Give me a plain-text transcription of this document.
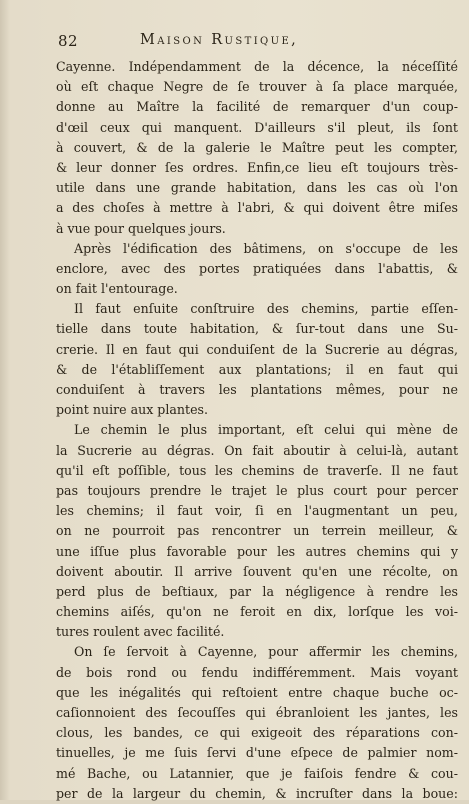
82	Maison Rustique,
Cayenne. Indépendamment de la décence, la néceſſité
où eſt chaque Negre de ſe trouver à ſa place marquée,
donne au Maître la facilité de remarquer d'un coup-
d'œil ceux qui manquent. D'ailleurs s'il pleut, ils ſont
à couvert, & de la galerie le Maître peut les compter,
& leur donner ſes ordres. Enfin,ce lieu eſt toujours très-
utile dans une grande habitation, dans les cas où l'on
a des choſes à mettre à l'abri, & qui doivent être miſes
à vue pour quelques jours.
Après l'édification des bâtimens, on s'occupe de les
enclore, avec des portes pratiquées dans l'abattis, &
on fait l'entourage.
Il faut enſuite conſtruire des chemins, partie eſſen-
tielle dans toute habitation, & ſur-tout dans une Su-
crerie. Il en faut qui conduiſent de la Sucrerie au dégras,
& de l'établiſſement aux plantations; il en faut qui
conduiſent à travers les plantations mêmes, pour ne
point nuire aux plantes.
Le chemin le plus important, eſt celui qui mène de
la Sucrerie au dégras. On fait aboutir à celui-là, autant
qu'il eſt poſſible, tous les chemins de traverſe. Il ne faut
pas toujours prendre le trajet le plus court pour percer
les chemins; il faut voir, ſi en l'augmentant un peu,
on ne pourroit pas rencontrer un terrein meilleur, &
une iſſue plus favorable pour les autres chemins qui y
doivent aboutir. Il arrive ſouvent qu'en une récolte, on
perd plus de beſtiaux, par la négligence à rendre les
chemins aiſés, qu'on ne feroit en dix, lorſque les voi-
tures roulent avec facilité.
On ſe ſervoit à Cayenne, pour affermir les chemins,
de bois rond ou fendu indifféremment. Mais voyant
que les inégalités qui reſtoient entre chaque buche oc-
caſionnoient des ſecouſſes qui ébranloient les jantes, les
clous, les bandes, ce qui exigeoit des réparations con-
tinuelles, je me ſuis ſervi d'une eſpece de palmier nom-
mé Bache, ou Latannier, que je faiſois fendre & cou-
per de la largeur du chemin, & incruſter dans la boue:
